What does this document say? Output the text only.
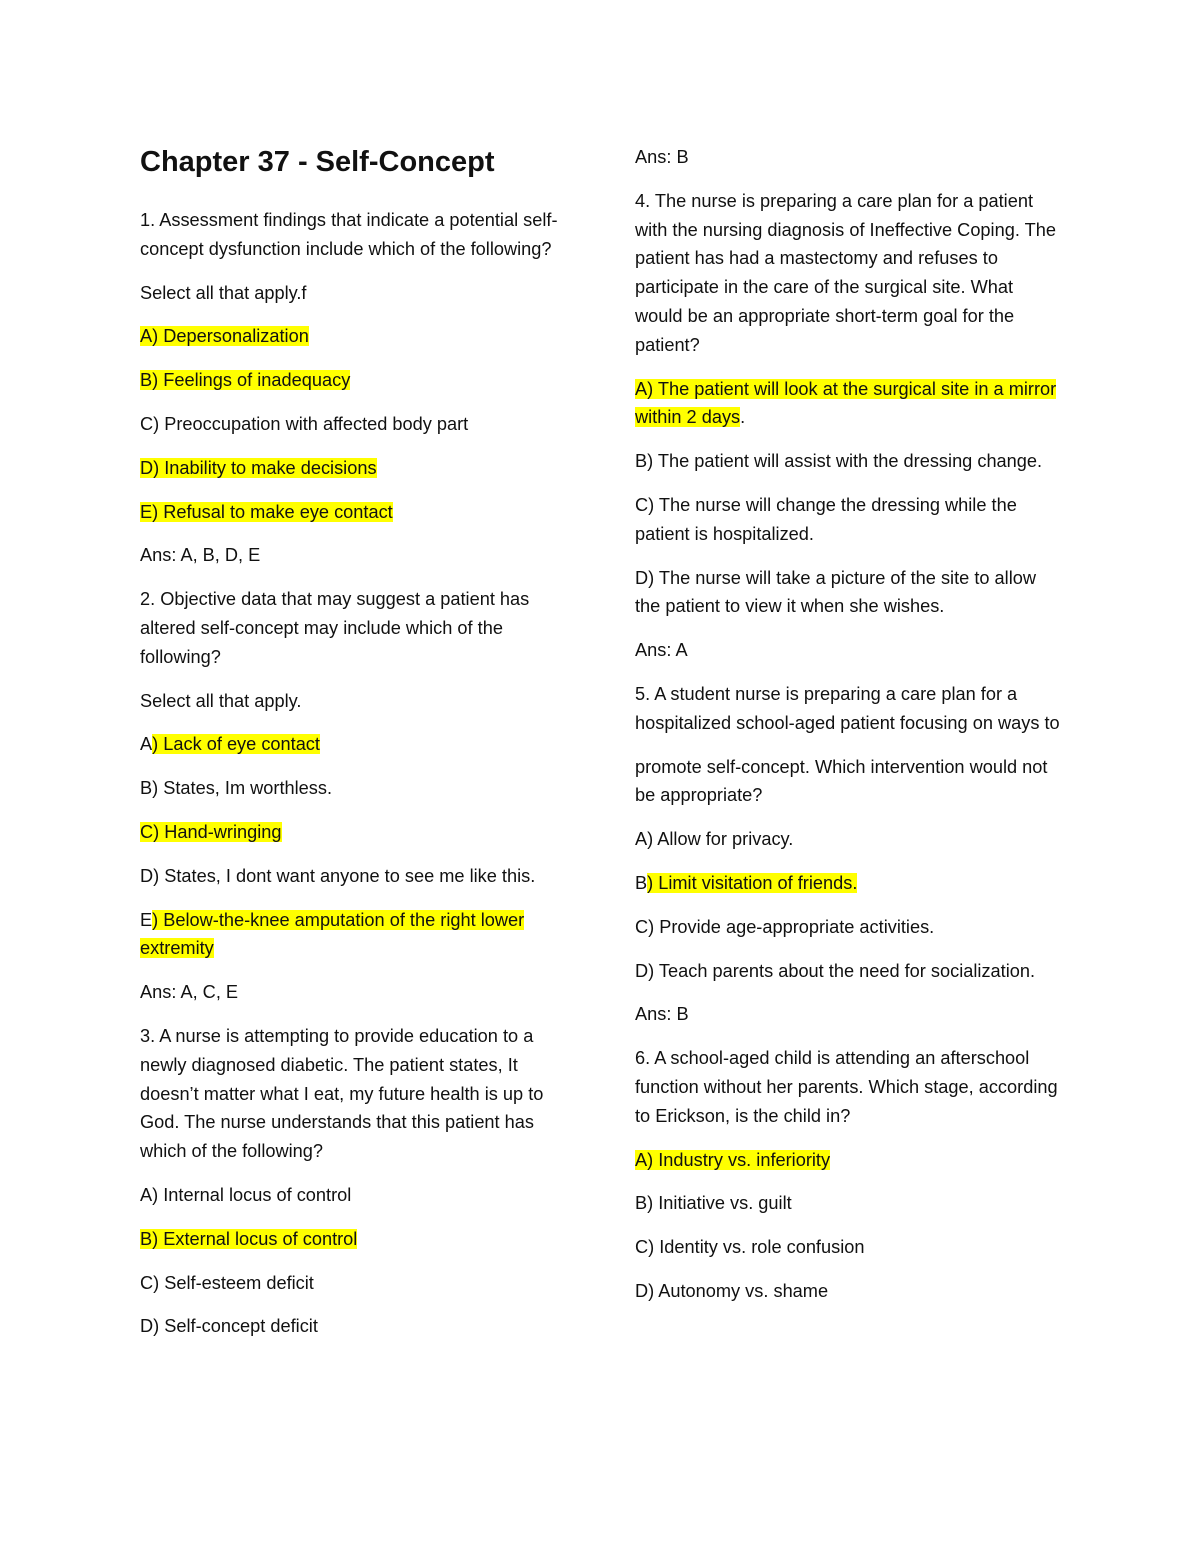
Chapter 37 - Self-Concept

1. Assessment findings that indicate a potential self-concept dysfunction include which of the following?

Select all that apply.f

A) Depersonalization

B) Feelings of inadequacy

C) Preoccupation with affected body part

D) Inability to make decisions

E) Refusal to make eye contact

Ans: A, B, D, E

2. Objective data that may suggest a patient has altered self-concept may include which of the following?

Select all that apply.

A) Lack of eye contact

B) States, Im worthless.

C) Hand-wringing

D) States, I dont want anyone to see me like this.

E) Below-the-knee amputation of the right lower extremity

Ans: A, C, E

3. A nurse is attempting to provide education to a newly diagnosed diabetic. The patient states, It doesn’t matter what I eat, my future health is up to God. The nurse understands that this patient has which of the following?

A) Internal locus of control

B) External locus of control

C) Self-esteem deficit

D) Self-concept deficit

Ans: B

4. The nurse is preparing a care plan for a patient with the nursing diagnosis of Ineffective Coping. The patient has had a mastectomy and refuses to participate in the care of the surgical site. What would be an appropriate short-term goal for the patient?

A) The patient will look at the surgical site in a mirror within 2 days.

B) The patient will assist with the dressing change.

C) The nurse will change the dressing while the patient is hospitalized.

D) The nurse will take a picture of the site to allow the patient to view it when she wishes.

Ans: A

5. A student nurse is preparing a care plan for a hospitalized school-aged patient focusing on ways to

promote self-concept. Which intervention would not be appropriate?

A) Allow for privacy.

B) Limit visitation of friends.

C) Provide age-appropriate activities.

D) Teach parents about the need for socialization.

Ans: B

6. A school-aged child is attending an afterschool function without her parents. Which stage, according to Erickson, is the child in?

A) Industry vs. inferiority

B) Initiative vs. guilt

C) Identity vs. role confusion

D) Autonomy vs. shame
